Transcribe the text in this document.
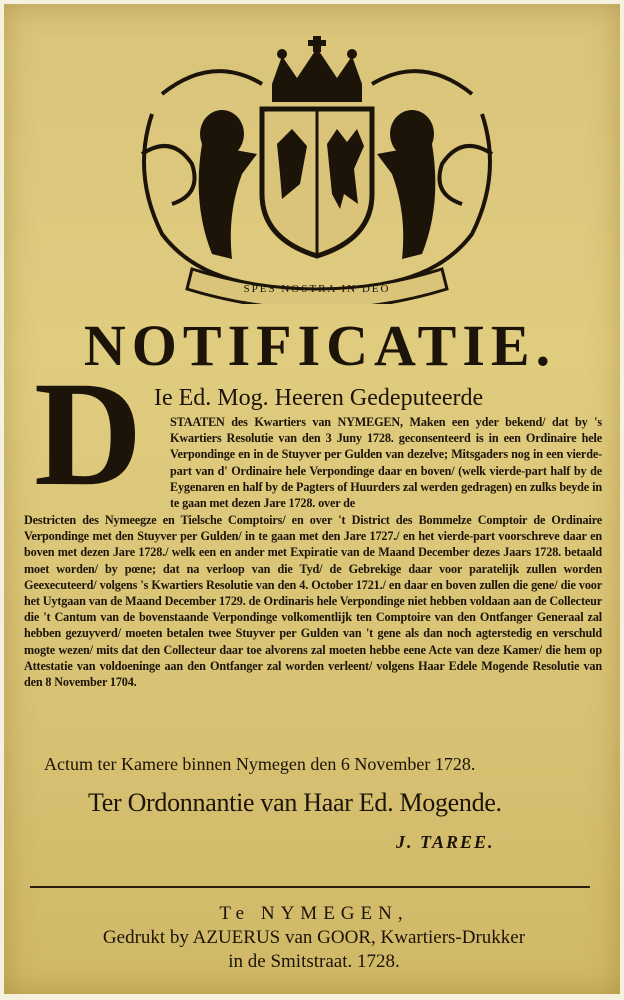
SPES NOSTRA IN DEO
NOTIFICATIE.
D Ie Ed. Mog. Heeren Gedeputeerde
STAATEN des Kwartiers van NYMEGEN, Maken een yder bekend/ dat by 's Kwartiers Resolutie van den 3 Juny 1728. geconsenteerd is in een Ordinaire hele Verpondinge en in de Stuyver per Gulden van dezelve; Mitsgaders nog in een vierde-part van d' Ordinaire hele Verpondinge daar en boven/ (welk vierde-part half by de Eygenaren en half by de Pagters of Huurders zal werden gedragen) en zulks beyde in te gaan met dezen Jare 1728. over de
Destricten des Nymeegze en Tielsche Comptoirs/ en over 't District des Bommelze Comptoir de Ordinaire Verpondinge met den Stuyver per Gulden/ in te gaan met den Jare 1727./ en het vierde-part voorschreve daar en boven met dezen Jare 1728./ welk een en ander met Expiratie van de Maand December dezes Jaars 1728. betaald moet worden/ by pœne; dat na verloop van die Tyd/ de Gebrekige daar voor paratelijk zullen worden Geexecuteerd/ volgens 's Kwartiers Resolutie van den 4. October 1721./ en daar en boven zullen die gene/ die voor het Uytgaan van de Maand December 1729. de Ordinaris hele Verpondinge niet hebben voldaan aan de Collecteur die 't Cantum van de bovenstaande Verpondinge volkomentlijk ten Comptoire van den Ontfanger Generaal zal hebben gezuyverd/ moeten betalen twee Stuyver per Gulden van 't gene als dan noch agterstedig en verschuld mogte wezen/ mits dat den Collecteur daar toe alvorens zal moeten hebbe eene Acte van deze Kamer/ die hem op Attestatie van voldoeninge aan den Ontfanger zal worden verleent/ volgens Haar Edele Mogende Resolutie van den 8 November 1704.
Actum ter Kamere binnen Nymegen den 6 November 1728.
Ter Ordonnantie van Haar Ed. Mogende.
J. TAREE.
Te NYMEGEN,
Gedrukt by AZUERUS van GOOR, Kwartiers-Drukker
in de Smitstraat. 1728.
